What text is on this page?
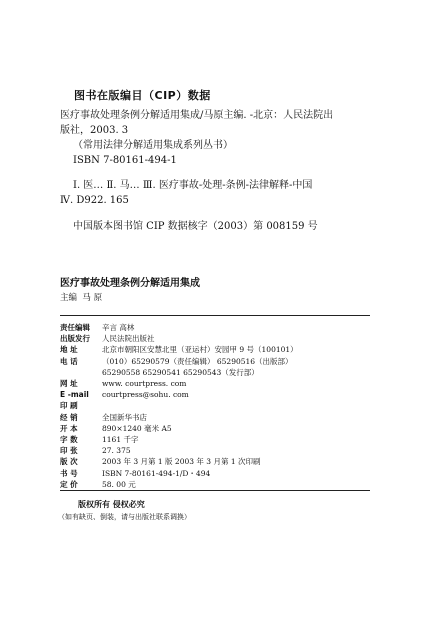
图书在版编目（CIP）数据
医疗事故处理条例分解适用集成/马原主编. -北京：人民法院出
版社，2003. 3
（常用法律分解适用集成系列丛书）
ISBN 7-80161-494-1
Ⅰ. 医… Ⅱ. 马… Ⅲ. 医疗事故-处理-条例-法律解释-中国
Ⅳ. D922. 165
中国版本图书馆 CIP 数据核字（2003）第 008159 号
医疗事故处理条例分解适用集成
主编 马 原
责任编辑	辛言 高林
出版发行	人民法院出版社
地 址	北京市朝阳区安慧北里（亚运村）安园甲 9 号（100101）
电 话	（010）65290579（责任编辑） 65290516（出版部）
65290558 65290541 65290543（发行部）
网 址	www. courtpress. com
E -mail	courtpress@sohu. com
印 刷
经 销	全国新华书店
开 本	890×1240 毫米 A5
字 数	1161 千字
印 张	27. 375
版 次	2003 年 3 月第 1 版 2003 年 3 月第 1 次印刷
书 号	ISBN 7-80161-494-1/D・494
定 价	58. 00 元
版权所有 侵权必究
（如有缺页、倒装，请与出版社联系调换）
